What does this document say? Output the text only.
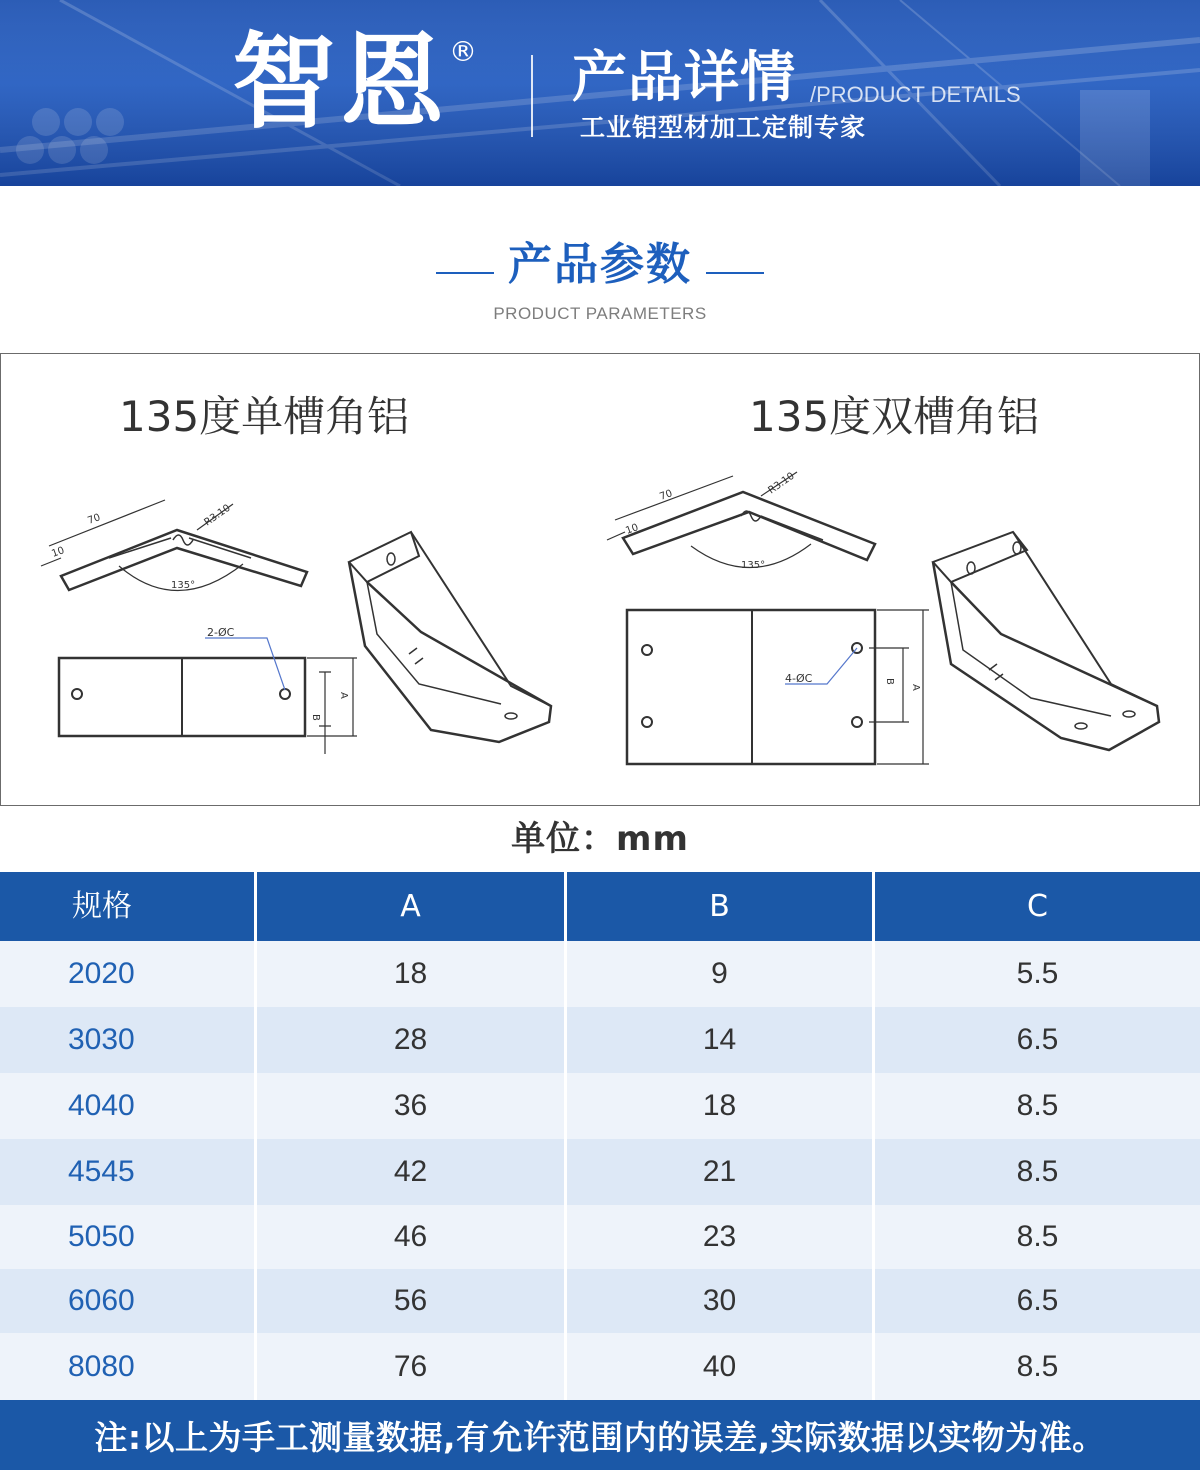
智恩 ® 产品详情 /PRODUCT DETAILS
工业铝型材加工定制专家
产品参数
PRODUCT PARAMETERS
135度单槽角铝	135度双槽角铝
70
10
R3.10
135°
2-ØC
A
B
70
10
R3.10
135°
4-ØC
A
B
单位：mm
规格	A	B	C
2020	18	9	5.5
3030	28	14	6.5
4040	36	18	8.5
4545	42	21	8.5
5050	46	23	8.5
6060	56	30	6.5
8080	76	40	8.5
注:以上为手工测量数据,有允许范围内的误差,实际数据以实物为准。
